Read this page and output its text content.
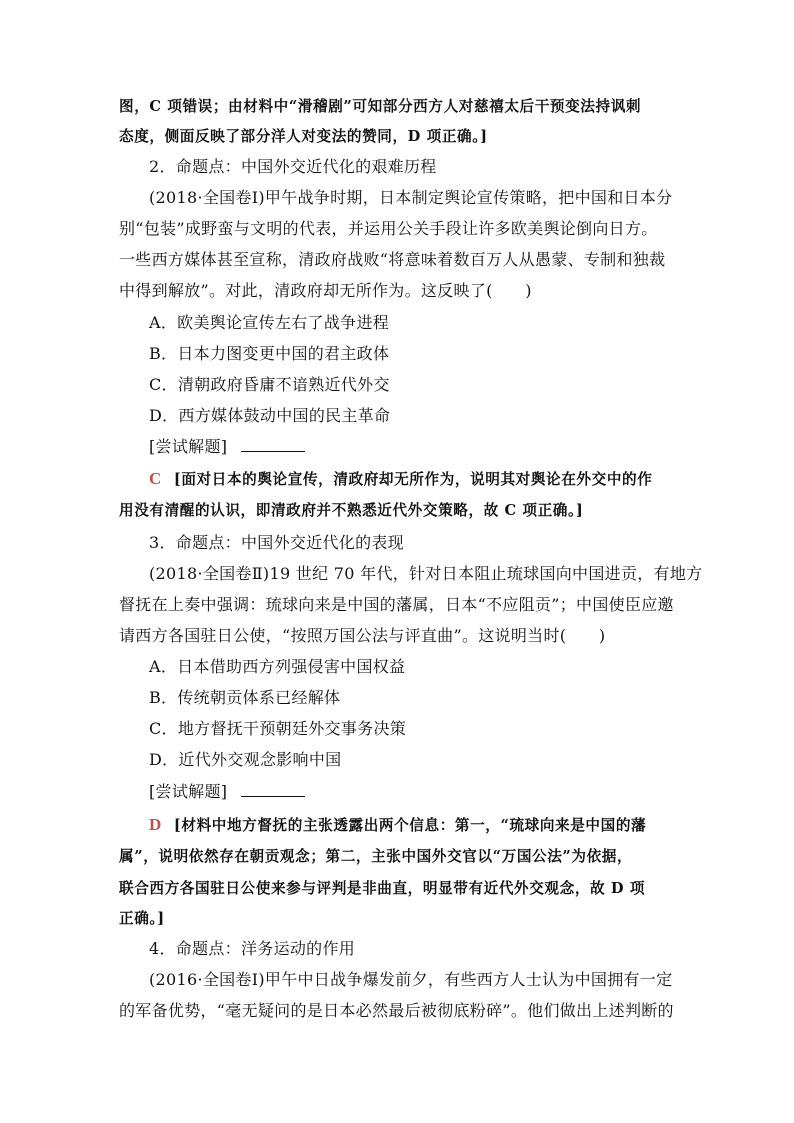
图，C 项错误；由材料中“滑稽剧”可知部分西方人对慈禧太后干预变法持讽刺
态度，侧面反映了部分洋人对变法的赞同，D 项正确。]
2．命题点：中国外交近代化的艰难历程
(2018·全国卷Ⅰ)甲午战争时期，日本制定舆论宣传策略，把中国和日本分
别“包装”成野蛮与文明的代表，并运用公关手段让许多欧美舆论倒向日方。
一些西方媒体甚至宣称，清政府战败“将意味着数百万人从愚蒙、专制和独裁
中得到解放”。对此，清政府却无所作为。这反映了(　　)
A．欧美舆论宣传左右了战争进程
B．日本力图变更中国的君主政体
C．清朝政府昏庸不谙熟近代外交
D．西方媒体鼓动中国的民主革命
[尝试解题]
C [面对日本的舆论宣传，清政府却无所作为，说明其对舆论在外交中的作
用没有清醒的认识，即清政府并不熟悉近代外交策略，故 C 项正确。]
3．命题点：中国外交近代化的表现
(2018·全国卷Ⅱ)19 世纪 70 年代，针对日本阻止琉球国向中国进贡，有地方
督抚在上奏中强调：琉球向来是中国的藩属，日本“不应阻贡”；中国使臣应邀
请西方各国驻日公使，“按照万国公法与评直曲”。这说明当时(　　)
A．日本借助西方列强侵害中国权益
B．传统朝贡体系已经解体
C．地方督抚干预朝廷外交事务决策
D．近代外交观念影响中国
[尝试解题]
D [材料中地方督抚的主张透露出两个信息：第一，“琉球向来是中国的藩
属”，说明依然存在朝贡观念；第二，主张中国外交官以“万国公法”为依据，
联合西方各国驻日公使来参与评判是非曲直，明显带有近代外交观念，故 D 项
正确。]
4．命题点：洋务运动的作用
(2016·全国卷Ⅰ)甲午中日战争爆发前夕，有些西方人士认为中国拥有一定
的军备优势，“毫无疑问的是日本必然最后被彻底粉碎”。他们做出上述判断的
